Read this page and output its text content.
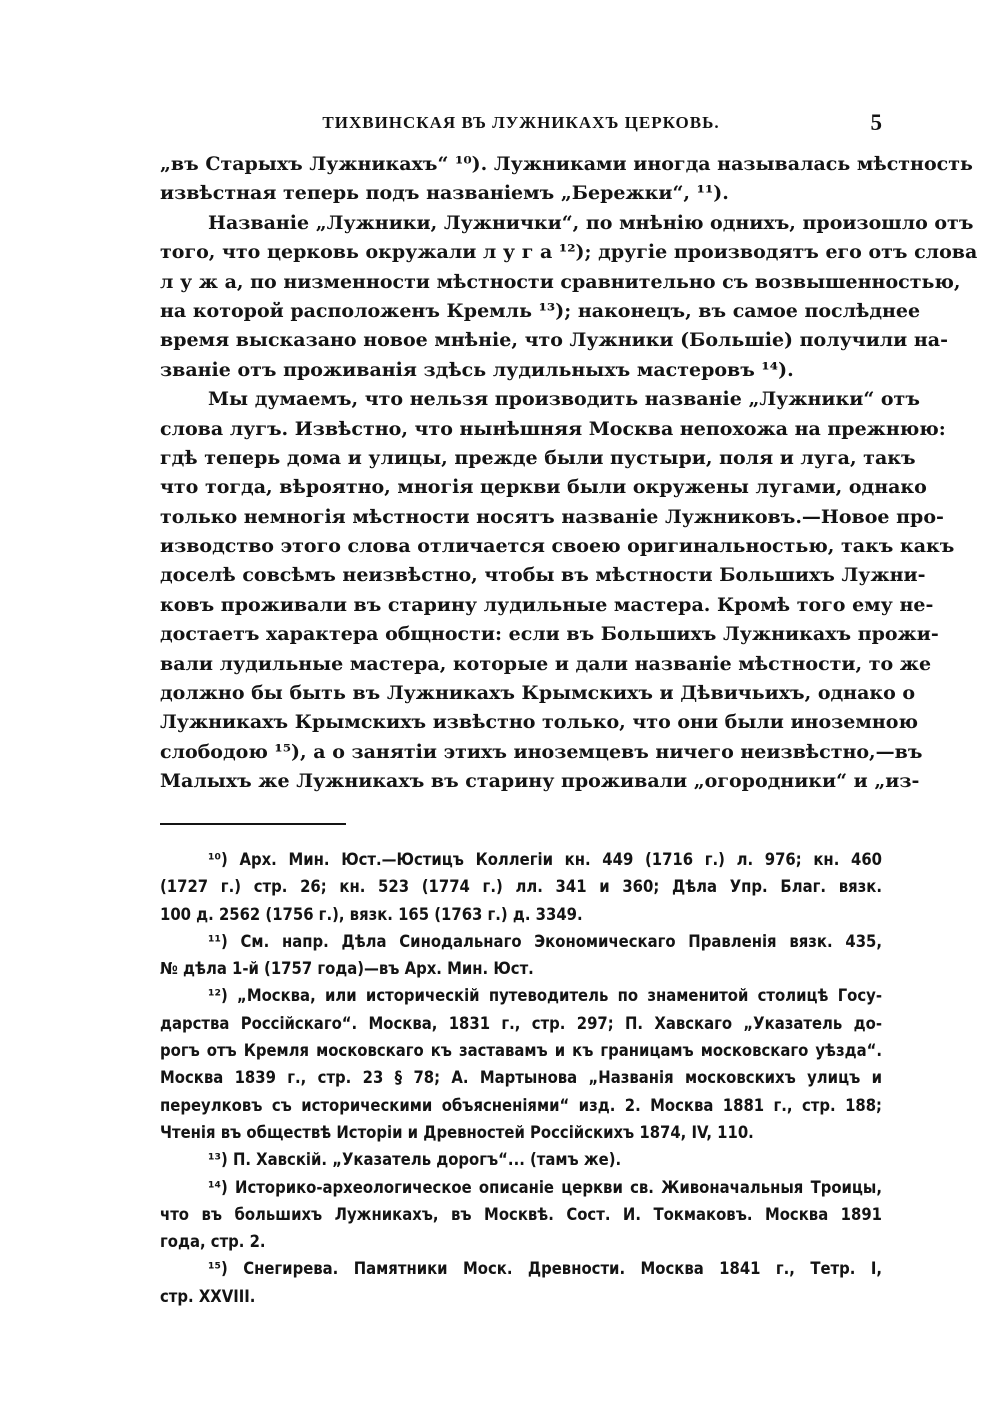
ТИХВИНСКАЯ ВЪ ЛУЖНИКАХЪ ЦЕРКОВЬ.	5
„въ Старыхъ Лужникахъ“ ¹⁰). Лужниками иногда называлась мѣстность
извѣстная теперь подъ названіемъ „Бережки“, ¹¹).
Названіе „Лужники, Лужнички“, по мнѣнію однихъ, произошло отъ
того, что церковь окружали л у г а ¹²); другіе производятъ его отъ слова
л у ж а, по низменности мѣстности сравнительно съ возвышенностью,
на которой расположенъ Кремль ¹³); наконецъ, въ самое послѣднее
время высказано новое мнѣніе, что Лужники (Большіе) получили на-
званіе отъ проживанія здѣсь лудильныхъ мастеровъ ¹⁴).
Мы думаемъ, что нельзя производить названіе „Лужники“ отъ
слова лугъ. Извѣстно, что нынѣшняя Москва непохожа на прежнюю:
гдѣ теперь дома и улицы, прежде были пустыри, поля и луга, такъ
что тогда, вѣроятно, многія церкви были окружены лугами, однако
только немногія мѣстности носятъ названіе Лужниковъ.—Новое про-
изводство этого слова отличается своею оригинальностью, такъ какъ
доселѣ совсѣмъ неизвѣстно, чтобы въ мѣстности Большихъ Лужни-
ковъ проживали въ старину лудильные мастера. Кромѣ того ему не-
достаетъ характера общности: если въ Большихъ Лужникахъ прожи-
вали лудильные мастера, которые и дали названіе мѣстности, то же
должно бы быть въ Лужникахъ Крымскихъ и Дѣвичьихъ, однако о
Лужникахъ Крымскихъ извѣстно только, что они были иноземною
слободою ¹⁵), а о занятіи этихъ иноземцевъ ничего неизвѣстно,—въ
Малыхъ же Лужникахъ въ старину проживали „огородники“ и „из-
¹⁰) Арх. Мин. Юст.—Юстицъ Коллегіи кн. 449 (1716 г.) л. 976; кн. 460
(1727 г.) стр. 26; кн. 523 (1774 г.) лл. 341 и 360; Дѣла Упр. Благ. вязк.
100 д. 2562 (1756 г.), вязк. 165 (1763 г.) д. 3349.
¹¹) См. напр. Дѣла Синодальнаго Экономическаго Правленія вязк. 435,
№ дѣла 1-й (1757 года)—въ Арх. Мин. Юст.
¹²) „Москва, или историческій путеводитель по знаменитой столицѣ Госу-
дарства Россійскаго“. Москва, 1831 г., стр. 297; П. Хавскаго „Указатель до-
рогъ отъ Кремля московскаго къ заставамъ и къ границамъ московскаго уѣзда“.
Москва 1839 г., стр. 23 § 78; А. Мартынова „Названія московскихъ улицъ и
переулковъ съ историческими объясненіями“ изд. 2. Москва 1881 г., стр. 188;
Чтенія въ обществѣ Исторіи и Древностей Россійскихъ 1874, IV, 110.
¹³) П. Хавскій. „Указатель дорогъ“... (тамъ же).
¹⁴) Историко-археологическое описаніе церкви св. Живоначальныя Троицы,
что въ большихъ Лужникахъ, въ Москвѣ. Сост. И. Токмаковъ. Москва 1891
года, стр. 2.
¹⁵) Снегирева. Памятники Моск. Древности. Москва 1841 г., Тетр. I,
стр. XXVIII.
